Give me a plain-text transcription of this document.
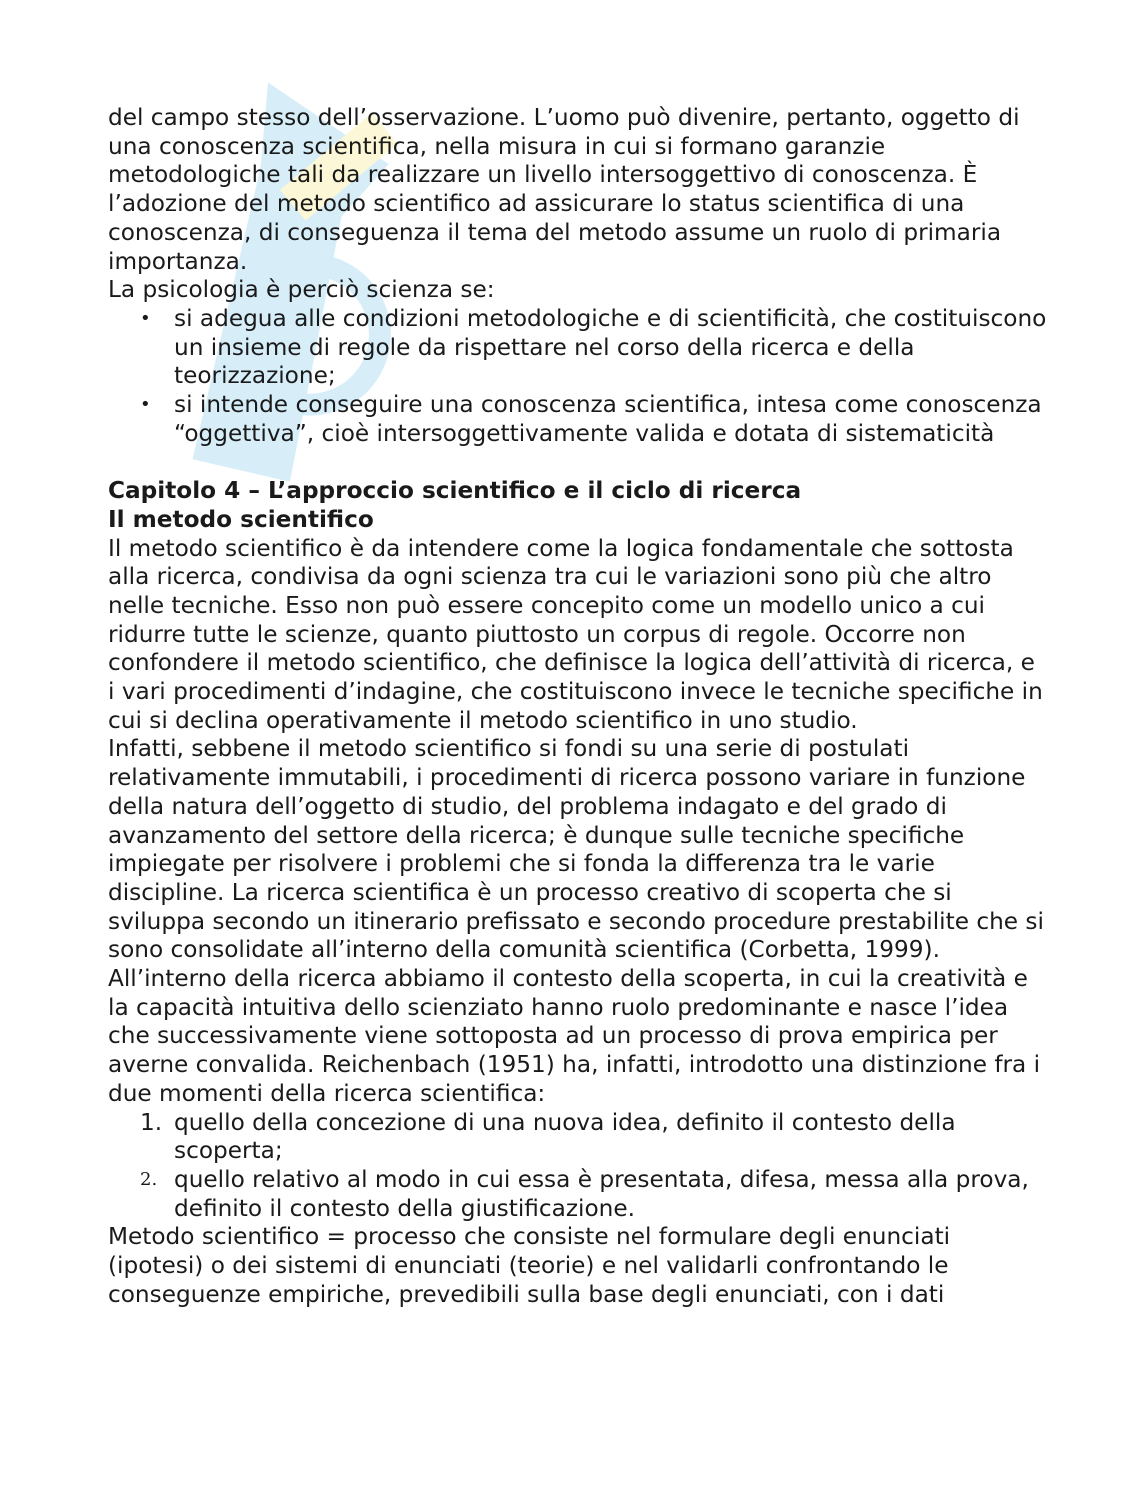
del campo stesso dell’osservazione. L’uomo può divenire, pertanto, oggetto di una conoscenza scientifica, nella misura in cui si formano garanzie metodologiche tali da realizzare un livello intersoggettivo di conoscenza. È l’adozione del metodo scientifico ad assicurare lo status scientifica di una conoscenza, di conseguenza il tema del metodo assume un ruolo di primaria importanza.

La psicologia è perciò scienza se:

• si adegua alle condizioni metodologiche e di scientificità, che costituiscono un insieme di regole da rispettare nel corso della ricerca e della teorizzazione;
• si intende conseguire una conoscenza scientifica, intesa come conoscenza “oggettiva”, cioè intersoggettivamente valida e dotata di sistematicità
Capitolo 4 – L’approccio scientifico e il ciclo di ricerca
Il metodo scientifico

Il metodo scientifico è da intendere come la logica fondamentale che sottosta alla ricerca, condivisa da ogni scienza tra cui le variazioni sono più che altro nelle tecniche. Esso non può essere concepito come un modello unico a cui ridurre tutte le scienze, quanto piuttosto un corpus di regole. Occorre non confondere il metodo scientifico, che definisce la logica dell’attività di ricerca, e i vari procedimenti d’indagine, che costituiscono invece le tecniche specifiche in cui si declina operativamente il metodo scientifico in uno studio.

Infatti, sebbene il metodo scientifico si fondi su una serie di postulati relativamente immutabili, i procedimenti di ricerca possono variare in funzione della natura dell’oggetto di studio, del problema indagato e del grado di avanzamento del settore della ricerca; è dunque sulle tecniche specifiche impiegate per risolvere i problemi che si fonda la differenza tra le varie discipline. La ricerca scientifica è un processo creativo di scoperta che si sviluppa secondo un itinerario prefissato e secondo procedure prestabilite che si sono consolidate all’interno della comunità scientifica (Corbetta, 1999). All’interno della ricerca abbiamo il contesto della scoperta, in cui la creatività e la capacità intuitiva dello scienziato hanno ruolo predominante e nasce l’idea che successivamente viene sottoposta ad un processo di prova empirica per averne convalida. Reichenbach (1951) ha, infatti, introdotto una distinzione fra i due momenti della ricerca scientifica:

1. quello della concezione di una nuova idea, definito il contesto della scoperta;
2. quello relativo al modo in cui essa è presentata, difesa, messa alla prova, definito il contesto della giustificazione.

Metodo scientifico = processo che consiste nel formulare degli enunciati (ipotesi) o dei sistemi di enunciati (teorie) e nel validarli confrontando le conseguenze empiriche, prevedibili sulla base degli enunciati, con i dati
